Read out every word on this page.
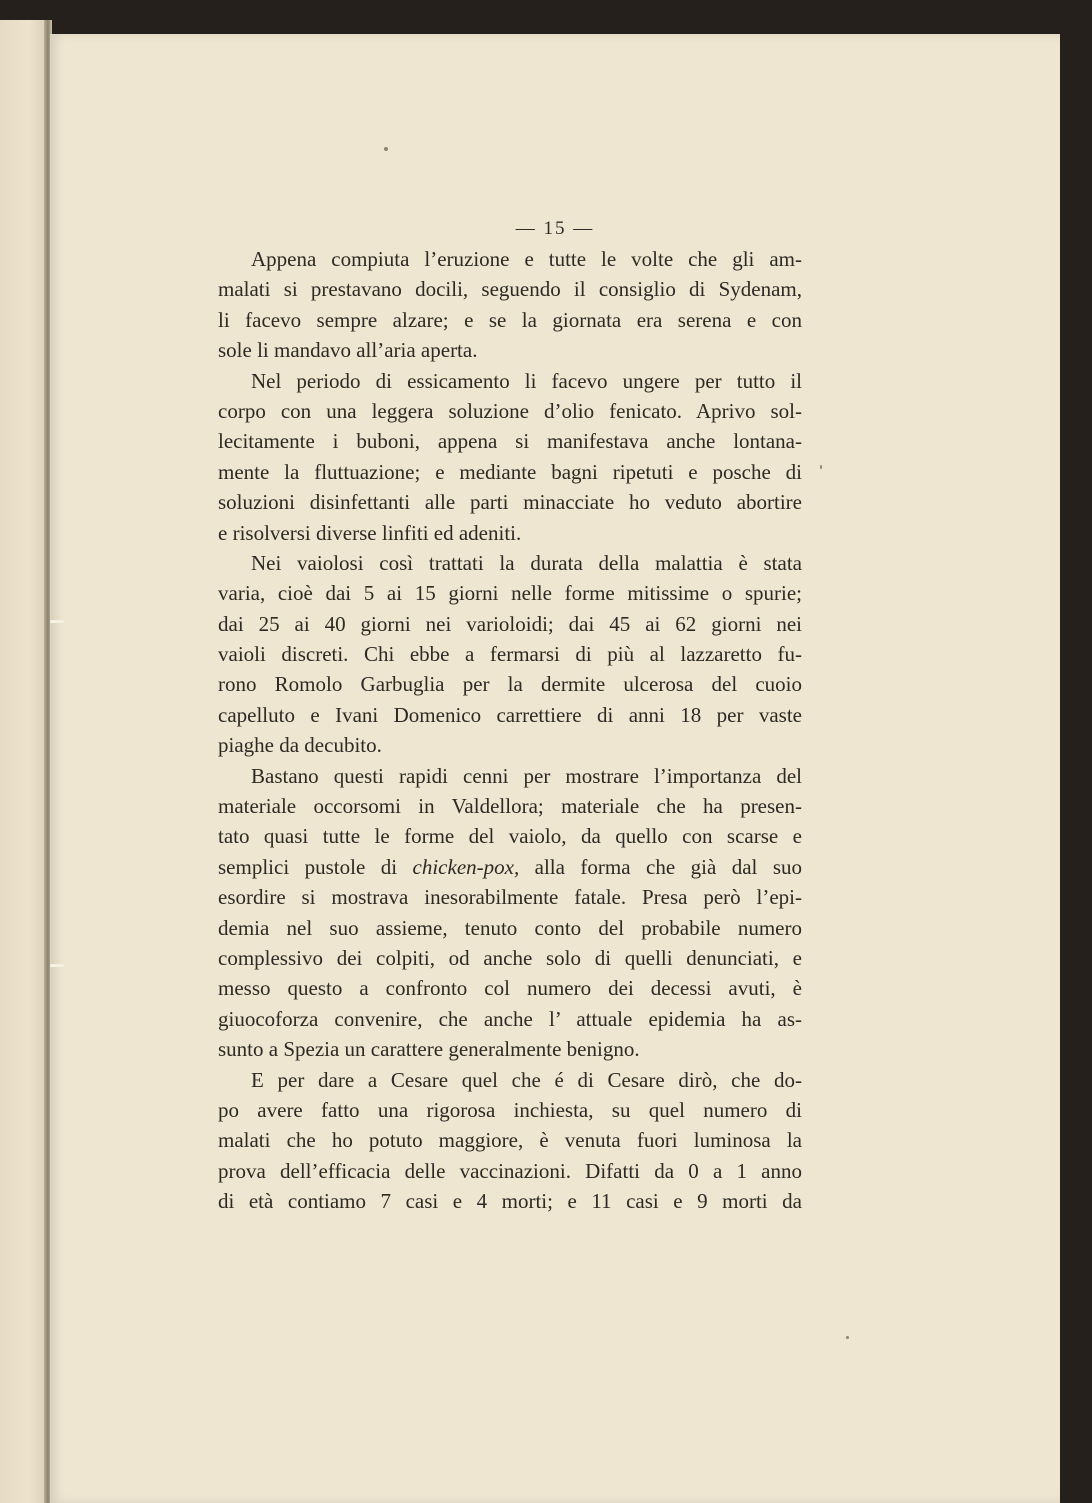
— 15 —
Appena compiuta l’eruzione e tutte le volte che gli am-
malati si prestavano docili, seguendo il consiglio di Sydenam,
li facevo sempre alzare; e se la giornata era serena e con
sole li mandavo all’aria aperta.
Nel periodo di essicamento li facevo ungere per tutto il
corpo con una leggera soluzione d’olio fenicato. Aprivo sol-
lecitamente i buboni, appena si manifestava anche lontana-
mente la fluttuazione; e mediante bagni ripetuti e posche di
soluzioni disinfettanti alle parti minacciate ho veduto abortire
e risolversi diverse linfiti ed adeniti.
Nei vaiolosi così trattati la durata della malattia è stata
varia, cioè dai 5 ai 15 giorni nelle forme mitissime o spurie;
dai 25 ai 40 giorni nei varioloidi; dai 45 ai 62 giorni nei
vaioli discreti. Chi ebbe a fermarsi di più al lazzaretto fu-
rono Romolo Garbuglia per la dermite ulcerosa del cuoio
capelluto e Ivani Domenico carrettiere di anni 18 per vaste
piaghe da decubito.
Bastano questi rapidi cenni per mostrare l’importanza del
materiale occorsomi in Valdellora; materiale che ha presen-
tato quasi tutte le forme del vaiolo, da quello con scarse e
semplici pustole di chicken-pox, alla forma che già dal suo
esordire si mostrava inesorabilmente fatale. Presa però l’epi-
demia nel suo assieme, tenuto conto del probabile numero
complessivo dei colpiti, od anche solo di quelli denunciati, e
messo questo a confronto col numero dei decessi avuti, è
giuocoforza convenire, che anche l’ attuale epidemia ha as-
sunto a Spezia un carattere generalmente benigno.
E per dare a Cesare quel che é di Cesare dirò, che do-
po avere fatto una rigorosa inchiesta, su quel numero di
malati che ho potuto maggiore, è venuta fuori luminosa la
prova dell’efficacia delle vaccinazioni. Difatti da 0 a 1 anno
di età contiamo 7 casi e 4 morti; e 11 casi e 9 morti da
